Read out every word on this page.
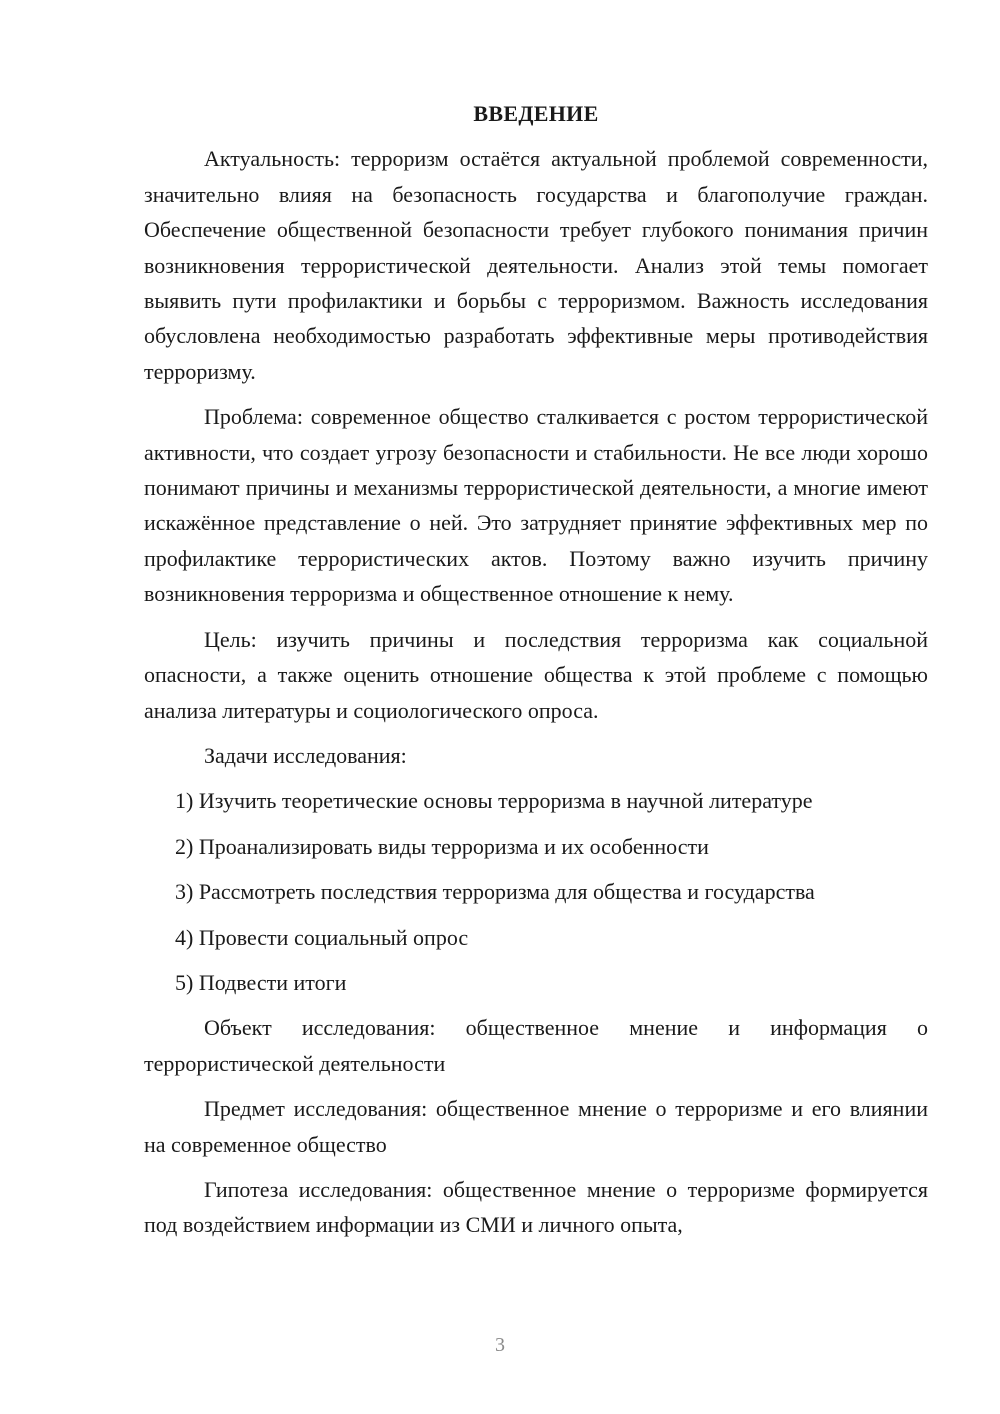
ВВЕДЕНИЕ

Актуальность: терроризм остаётся актуальной проблемой современности, значительно влияя на безопасность государства и благополучие граждан. Обеспечение общественной безопасности требует глубокого понимания причин возникновения террористической деятельности. Анализ этой темы помогает выявить пути профилактики и борьбы с терроризмом. Важность исследования обусловлена необходимостью разработать эффективные меры противодействия терроризму.

Проблема: современное общество сталкивается с ростом террористической активности, что создает угрозу безопасности и стабильности. Не все люди хорошо понимают причины и механизмы террористической деятельности, а многие имеют искажённое представление о ней. Это затрудняет принятие эффективных мер по профилактике террористических актов. Поэтому важно изучить причину возникновения терроризма и общественное отношение к нему.

Цель: изучить причины и последствия терроризма как социальной опасности, а также оценить отношение общества к этой проблеме с помощью анализа литературы и социологического опроса.

Задачи исследования:

1) Изучить теоретические основы терроризма в научной литературе
2) Проанализировать виды терроризма и их особенности
3) Рассмотреть последствия терроризма для общества и государства
4) Провести социальный опрос
5) Подвести итоги

Объект исследования: общественное мнение и информация о террористической деятельности

Предмет исследования: общественное мнение о терроризме и его влиянии на современное общество

Гипотеза исследования: общественное мнение о терроризме формируется под воздействием информации из СМИ и личного опыта,

3
